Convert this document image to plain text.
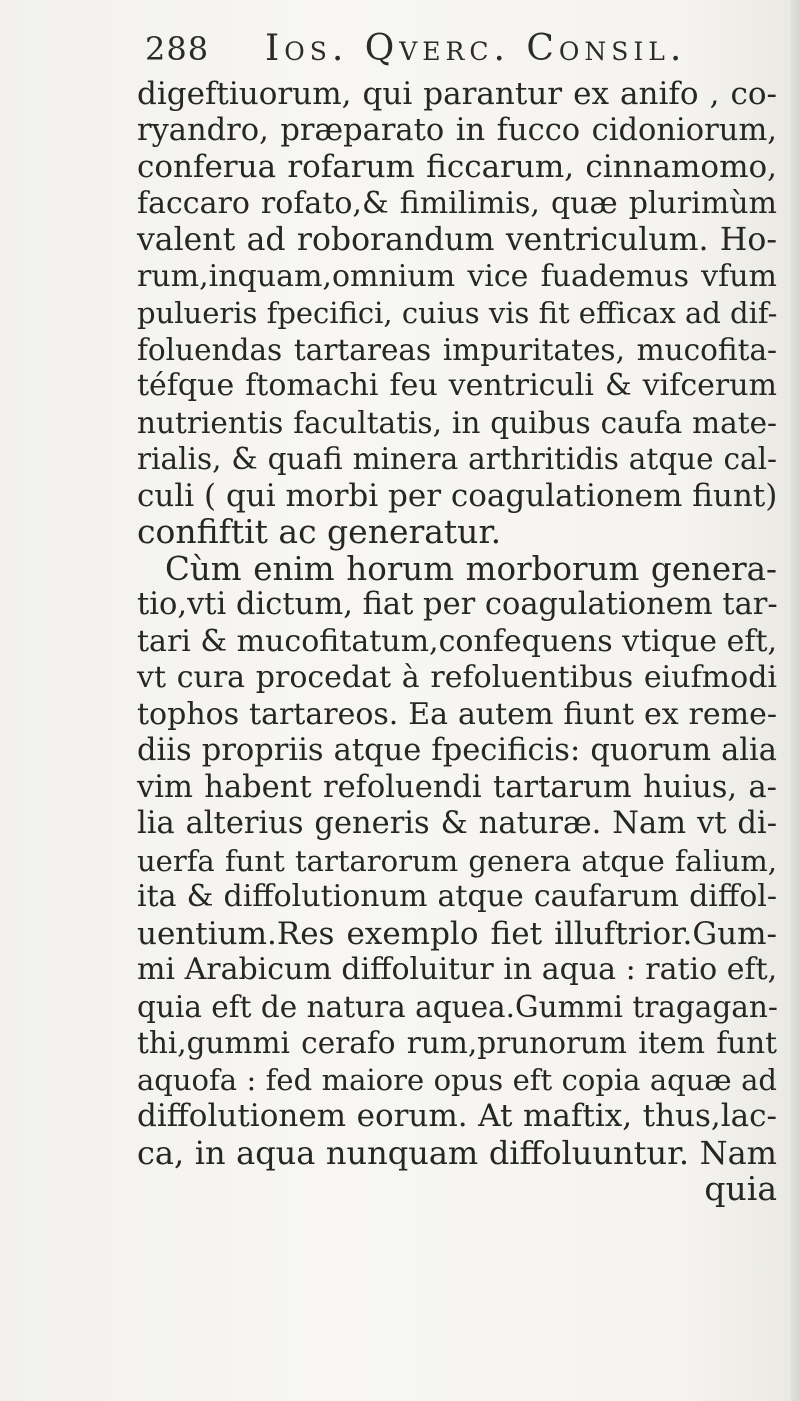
288	Ios. Qverc. Consil.
digeftiuorum, qui parantur ex anifo , co-
ryandro, præparato in fucco cidoniorum,
conferua rofarum ficcarum, cinnamomo,
faccaro rofato,& fimilimis, quæ plurimùm
valent ad roborandum ventriculum. Ho-
rum,inquam,omnium vice fuademus vfum
pulueris fpecifici, cuius vis fit efficax ad dif-
foluendas tartareas impuritates, mucofita-
téfque ftomachi feu ventriculi & vifcerum
nutrientis facultatis, in quibus caufa mate-
rialis, & quafi minera arthritidis atque cal-
culi ( qui morbi per coagulationem fiunt)
confiftit ac generatur.
Cùm enim horum morborum genera-
tio,vti dictum, fiat per coagulationem tar-
tari & mucofitatum,confequens vtique eft,
vt cura procedat à refoluentibus eiufmodi
tophos tartareos. Ea autem fiunt ex reme-
diis propriis atque fpecificis: quorum alia
vim habent refoluendi tartarum huius, a-
lia alterius generis & naturæ. Nam vt di-
uerfa funt tartarorum genera atque falium,
ita & diffolutionum atque caufarum diffol-
uentium.Res exemplo fiet illuftrior.Gum-
mi Arabicum diffoluitur in aqua : ratio eft,
quia eft de natura aquea.Gummi tragagan-
thi,gummi cerafo rum,prunorum item funt
aquofa : fed maiore opus eft copia aquæ ad
diffolutionem eorum. At maftix, thus,lac-
ca, in aqua nunquam diffoluuntur. Nam
quia
